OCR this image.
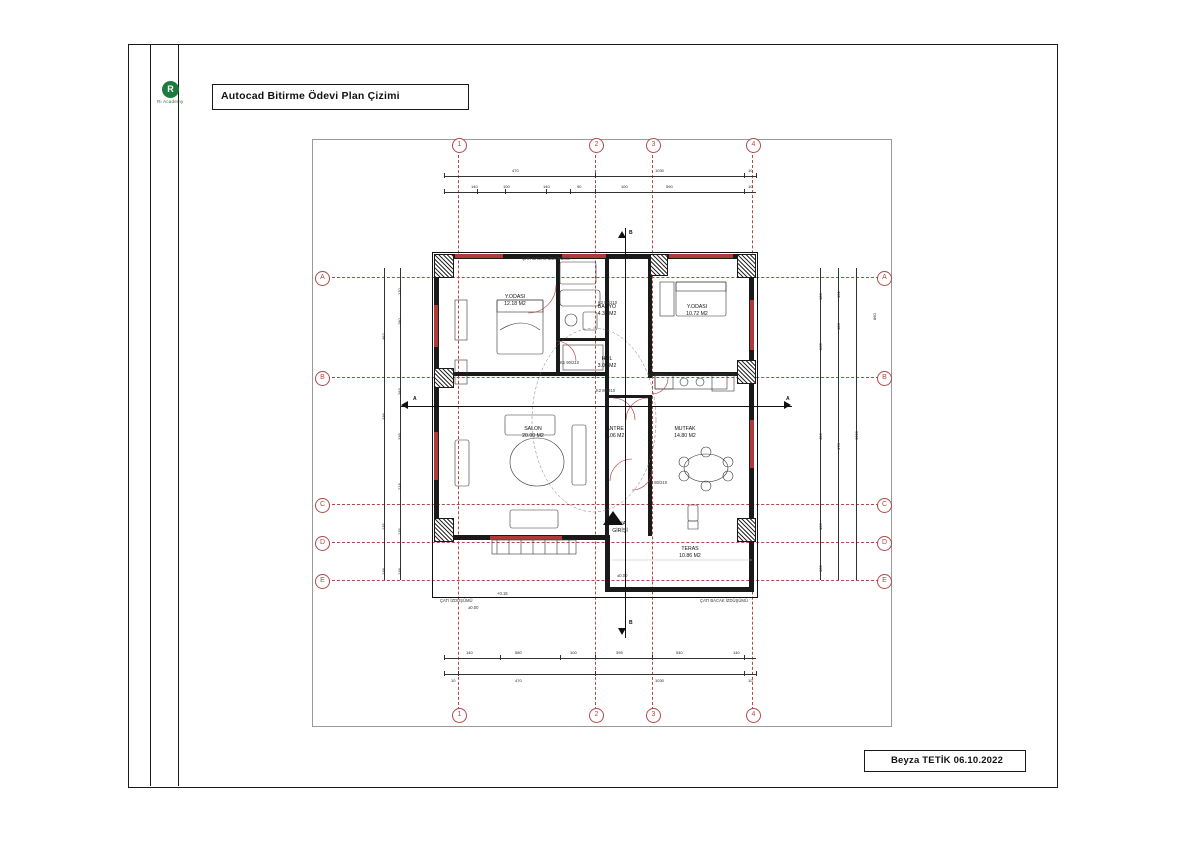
R
Ri Academy	Autocad Bitirme Ödevi Plan Çizimi
Beyza TETİK 06.10.2022
1	2	3	4
1	2	3	4
A
B
C
D
E
A
B
C
D
E
Y.ODASI
12.18 M2
BANYO
4.32 M2
Y.ODASI
10.72 M2
HOL
3.06 M2
SALON
20.00 M2
ANTRE
8.06 M2
MUTFAK
14.80 M2
TERAS
10.86 M2
BİNA
GİRİŞİ
K1 90/210
K2 80/210
K2 80/210
K2 80/210
K2 80/210
ÇATI BACAK İZDÜŞÜMÜ
ÇATI İZDÜŞÜMÜ	ÇATI BACAK İZDÜŞÜMÜ
+0.15
±0.00
±0.00
B
B
A	A
470	1030	10
140	100	140	90	100	590	10
140	580	100	395	540	140
10	470	1030	10
462
436
135
138
170
180
283
336
218
135
138
180
825
436
125
135
131
180
170
1066
860
